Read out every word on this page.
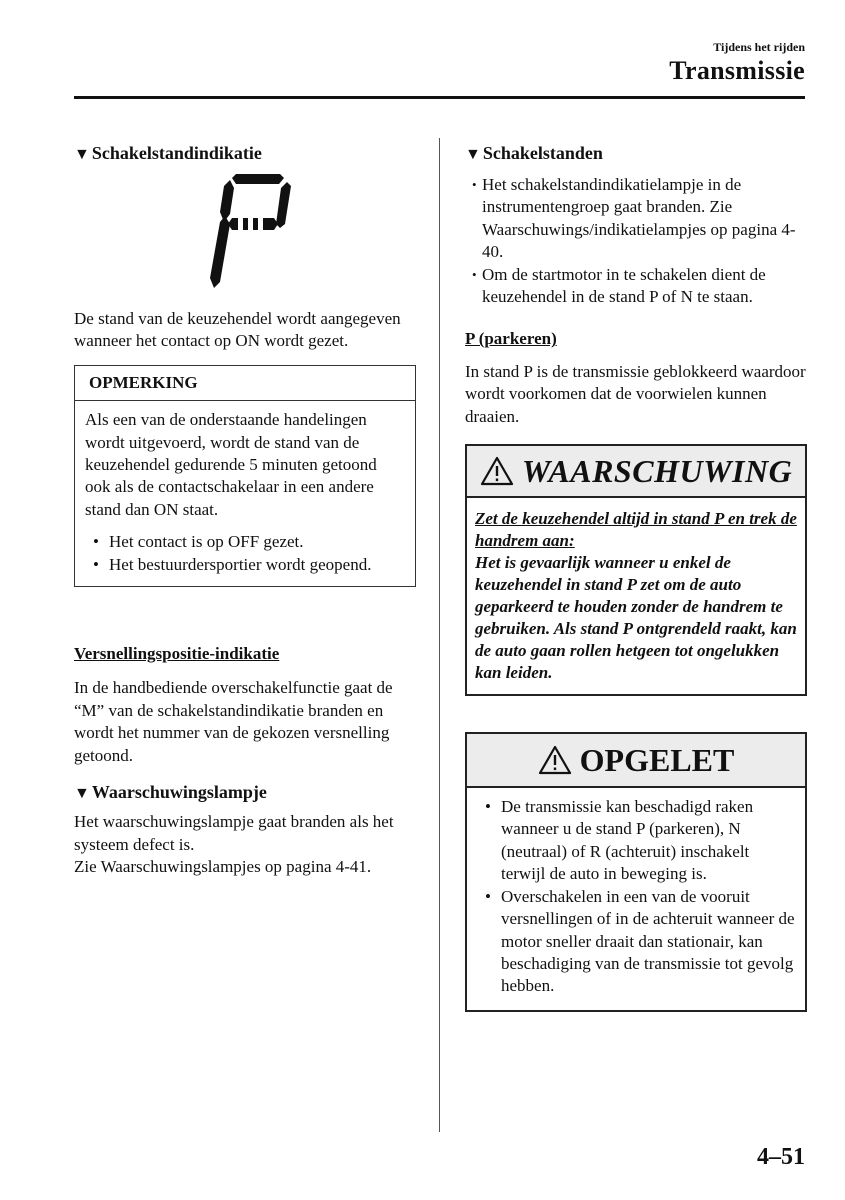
Tijdens het rijden
Transmissie
▼ Schakelstandindikatie

De stand van de keuzehendel wordt aangegeven wanneer het contact op ON wordt gezet.

OPMERKING

Als een van de onderstaande handelingen wordt uitgevoerd, wordt de stand van de keuzehendel gedurende 5 minuten getoond ook als de contactschakelaar in een andere stand dan ON staat.

• Het contact is op OFF gezet.
• Het bestuurdersportier wordt geopend.

Versnellingspositie-indikatie

In de handbediende overschakelfunctie gaat de “M” van de schakelstandindikatie branden en wordt het nummer van de gekozen versnelling getoond.

▼ Waarschuwingslampje

Het waarschuwingslampje gaat branden als het systeem defect is.

Zie Waarschuwingslampjes op pagina 4-41.

▼ Schakelstanden
• Het schakelstandindikatielampje in de instrumentengroep gaat branden. Zie Waarschuwings/indikatielampjes op pagina 4-40.
• Om de startmotor in te schakelen dient de keuzehendel in de stand P of N te staan.

P (parkeren)

In stand P is de transmissie geblokkeerd waardoor wordt voorkomen dat de voorwielen kunnen draaien.

WAARSCHUWING
Zet de keuzehendel altijd in stand P en trek de handrem aan:
Het is gevaarlijk wanneer u enkel de keuzehendel in stand P zet om de auto geparkeerd te houden zonder de handrem te gebruiken. Als stand P ontgrendeld raakt, kan de auto gaan rollen hetgeen tot ongelukken kan leiden.
OPGELET
• De transmissie kan beschadigd raken wanneer u de stand P (parkeren), N (neutraal) of R (achteruit) inschakelt terwijl de auto in beweging is.
• Overschakelen in een van de vooruit versnellingen of in de achteruit wanneer de motor sneller draait dan stationair, kan beschadiging van de transmissie tot gevolg hebben.
4–51
